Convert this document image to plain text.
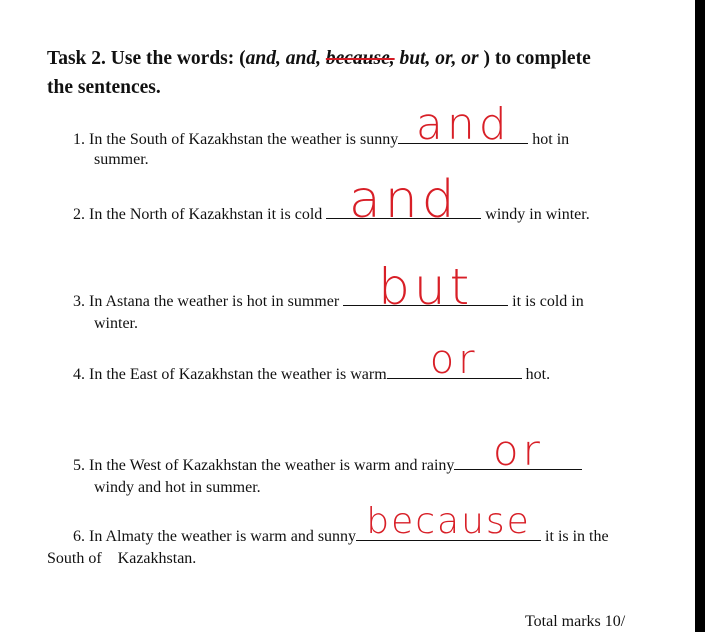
Task 2. Use the words: (and, and, because, but, or, or ) to complete
the sentences.
1. In the South of Kazakhstan the weather is sunny and	hot in
summer.
2. In the North of Kazakhstan it is cold and	windy in winter.
3. In Astana the weather is hot in summer but	it is cold in
winter.
4. In the East of Kazakhstan the weather is warm	or	hot.
5. In the West of Kazakhstan the weather is warm and rainy or
windy and hot in summer.
6. In Almaty the weather is warm and sunny because it is in the
South of    Kazakhstan.
Total marks 10/
